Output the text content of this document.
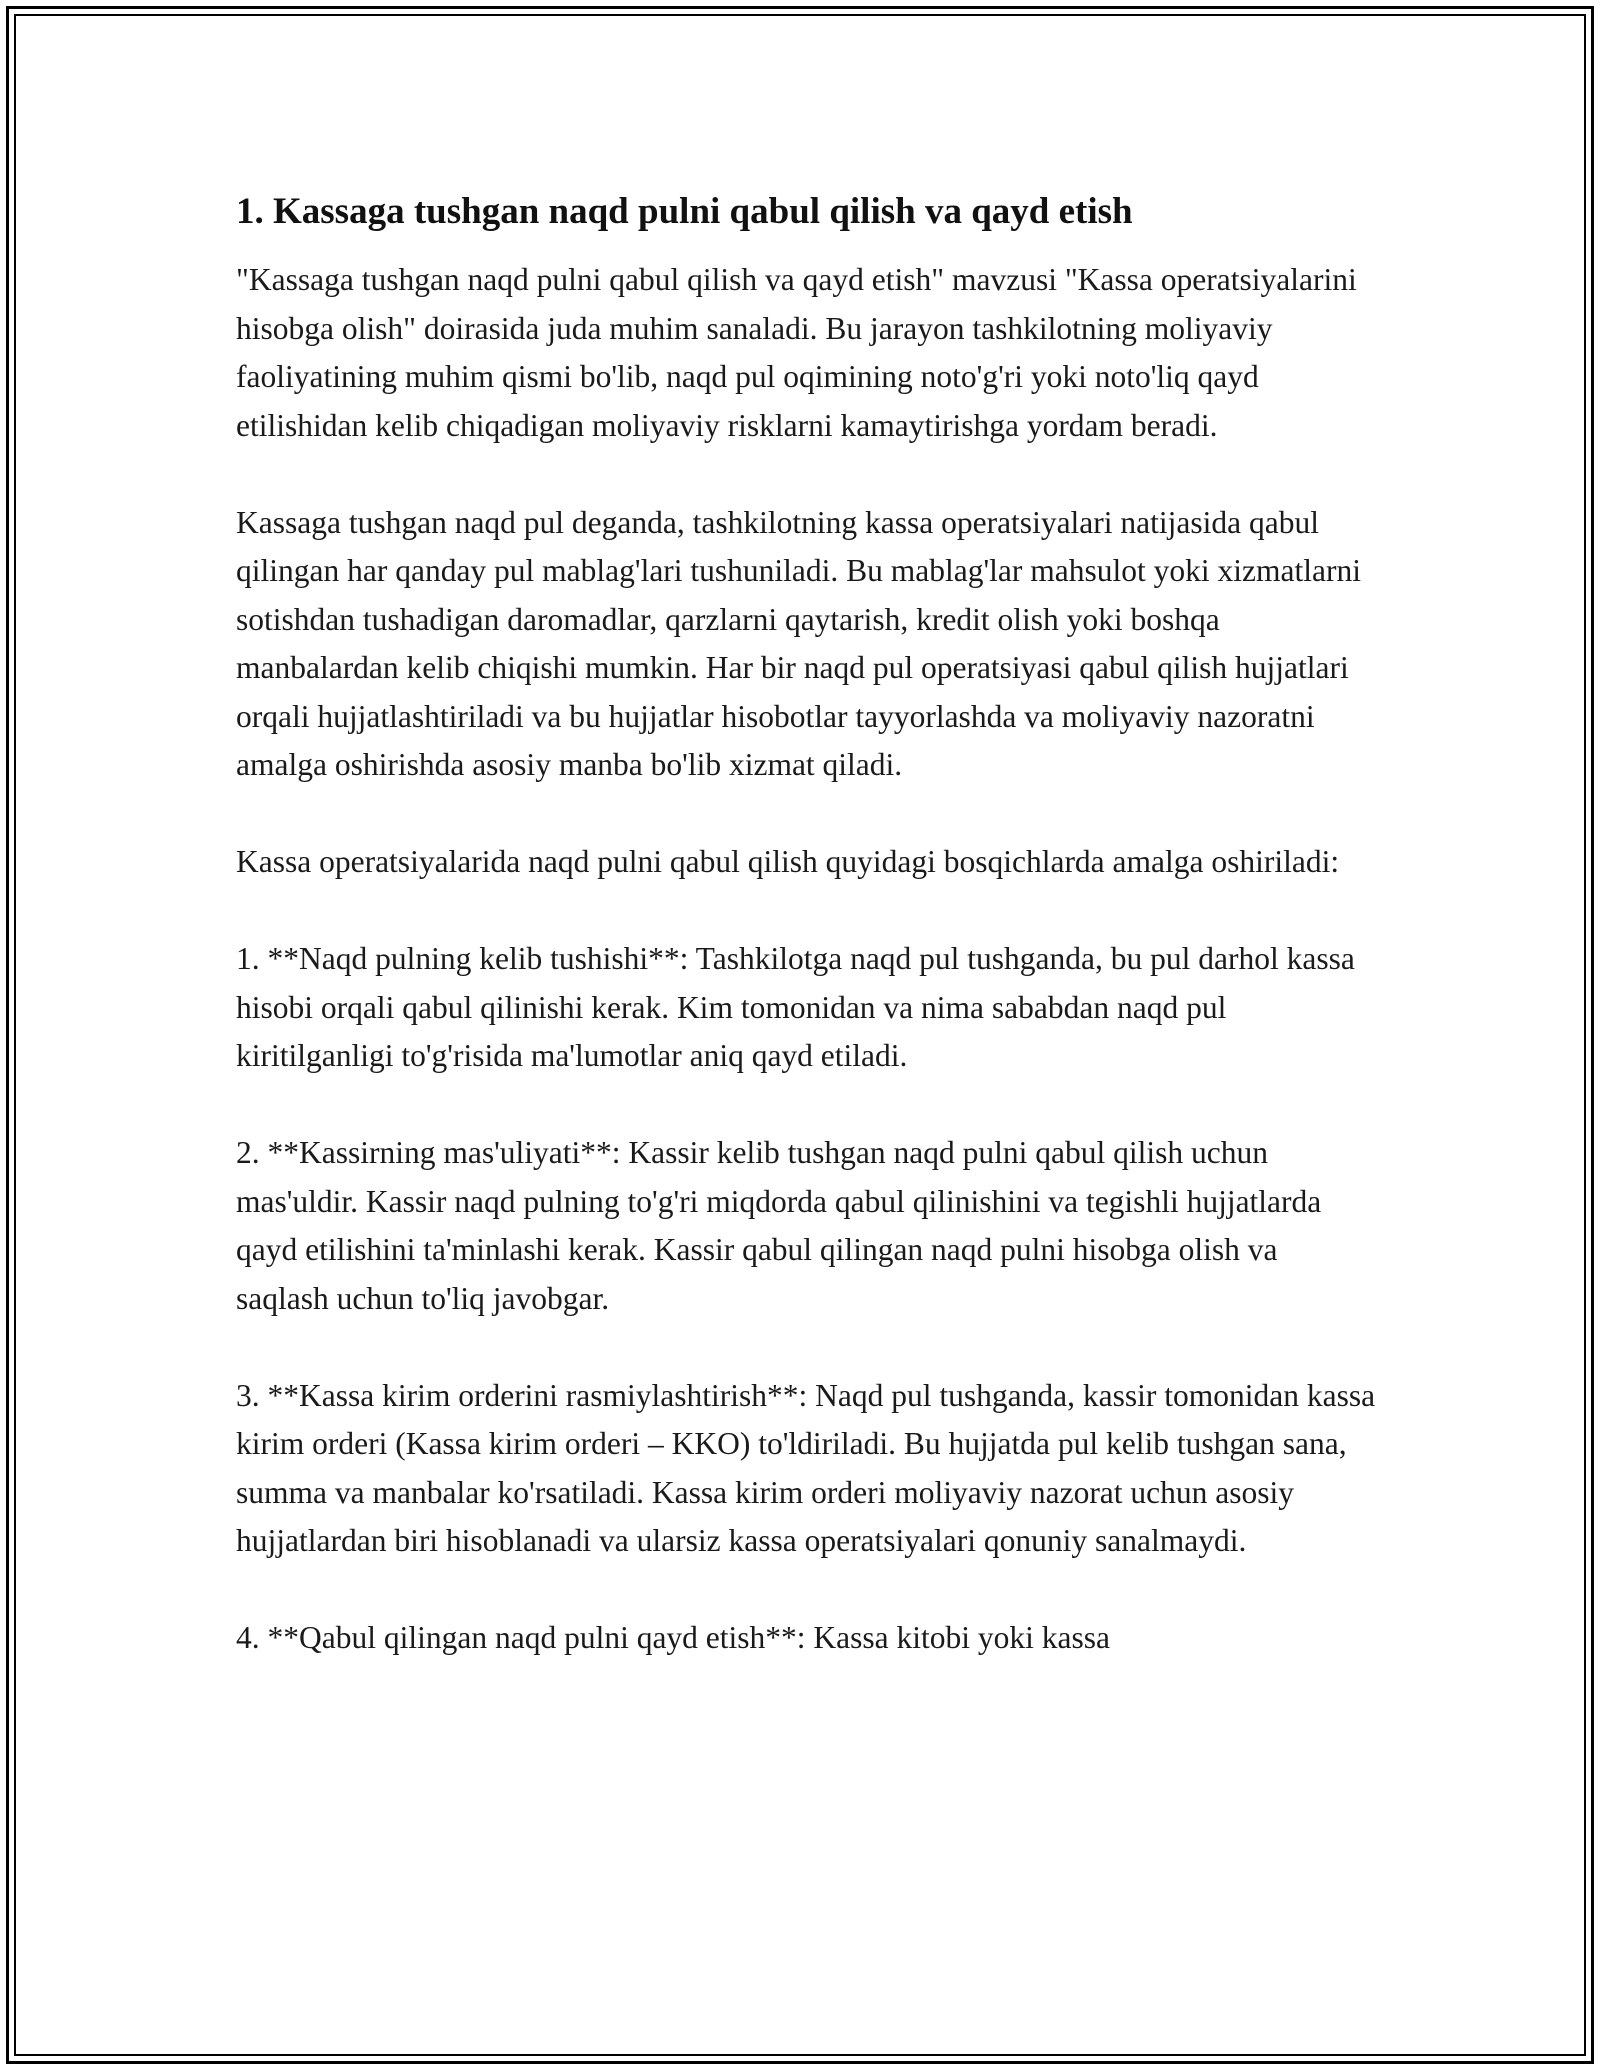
1. Kassaga tushgan naqd pulni qabul qilish va qayd etish

"Kassaga tushgan naqd pulni qabul qilish va qayd etish" mavzusi "Kassa operatsiyalarini hisobga olish" doirasida juda muhim sanaladi. Bu jarayon tashkilotning moliyaviy faoliyatining muhim qismi bo'lib, naqd pul oqimining noto'g'ri yoki noto'liq qayd etilishidan kelib chiqadigan moliyaviy risklarni kamaytirishga yordam beradi.

Kassaga tushgan naqd pul deganda, tashkilotning kassa operatsiyalari natijasida qabul qilingan har qanday pul mablag'lari tushuniladi. Bu mablag'lar mahsulot yoki xizmatlarni sotishdan tushadigan daromadlar, qarzlarni qaytarish, kredit olish yoki boshqa manbalardan kelib chiqishi mumkin. Har bir naqd pul operatsiyasi qabul qilish hujjatlari orqali hujjatlashtiriladi va bu hujjatlar hisobotlar tayyorlashda va moliyaviy nazoratni amalga oshirishda asosiy manba bo'lib xizmat qiladi.

Kassa operatsiyalarida naqd pulni qabul qilish quyidagi bosqichlarda amalga oshiriladi:

1. **Naqd pulning kelib tushishi**: Tashkilotga naqd pul tushganda, bu pul darhol kassa hisobi orqali qabul qilinishi kerak. Kim tomonidan va nima sababdan naqd pul kiritilganligi to'g'risida ma'lumotlar aniq qayd etiladi.

2. **Kassirning mas'uliyati**: Kassir kelib tushgan naqd pulni qabul qilish uchun mas'uldir. Kassir naqd pulning to'g'ri miqdorda qabul qilinishini va tegishli hujjatlarda qayd etilishini ta'minlashi kerak. Kassir qabul qilingan naqd pulni hisobga olish va saqlash uchun to'liq javobgar.

3. **Kassa kirim orderini rasmiylashtirish**: Naqd pul tushganda, kassir tomonidan kassa kirim orderi (Kassa kirim orderi – KKO) to'ldiriladi. Bu hujjatda pul kelib tushgan sana, summa va manbalar ko'rsatiladi. Kassa kirim orderi moliyaviy nazorat uchun asosiy hujjatlardan biri hisoblanadi va ularsiz kassa operatsiyalari qonuniy sanalmaydi.

4. **Qabul qilingan naqd pulni qayd etish**: Kassa kitobi yoki kassa
